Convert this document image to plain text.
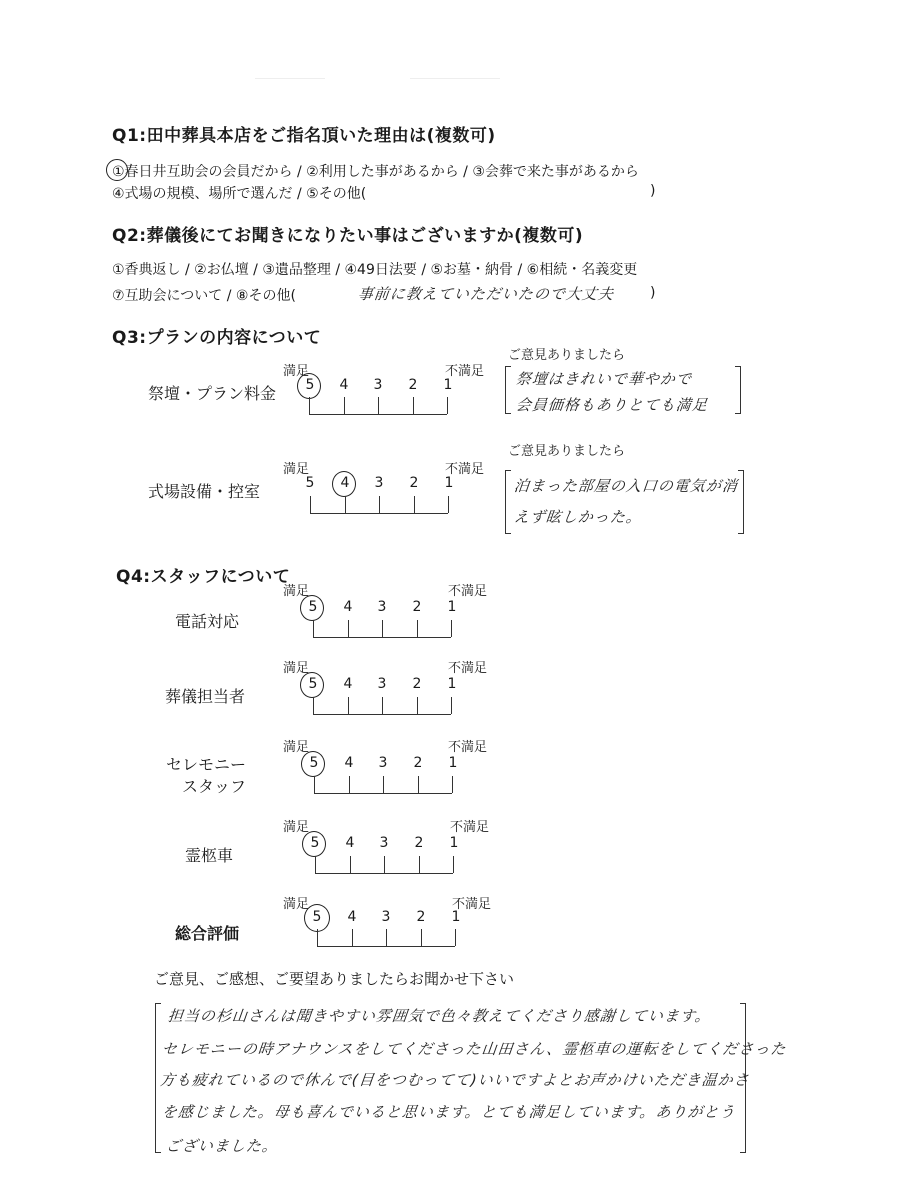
Q1:田中葬具本店をご指名頂いた理由は(複数可)
①春日井互助会の会員だから / ②利用した事があるから / ③会葬で来た事があるから
④式場の規模、場所で選んだ / ⑤その他(	)
Q2:葬儀後にてお聞きになりたい事はございますか(複数可)
①香典返し / ②お仏壇 / ③遺品整理 / ④49日法要 / ⑤お墓・納骨 / ⑥相続・名義変更
⑦互助会について / ⑧その他(	事前に教えていただいたので大丈夫	)
Q3:プランの内容について
満足	不満足
ご意見ありましたら
祭壇・プラン料金	5	4	3	2	1	祭壇はきれいで華やかで
会員価格もありとても満足
満足	不満足
ご意見ありましたら
式場設備・控室	5	4	3	2	1	泊まった部屋の入口の電気が消
えず眩しかった。
Q4:スタッフについて
満足	不満足
電話対応
5	4	3	2	1
満足	不満足
葬儀担当者
5	4	3	2	1
満足	不満足
セレモニー
スタッフ
5	4	3	2	1
満足	不満足
霊柩車
5	4	3	2	1
満足	不満足
総合評価
5	4	3	2	1
ご意見、ご感想、ご要望ありましたらお聞かせ下さい
担当の杉山さんは聞きやすい雰囲気で色々教えてくださり感謝しています。
セレモニーの時アナウンスをしてくださった山田さん、霊柩車の運転をしてくださった
方も疲れているので休んで(目をつむってて)いいですよとお声かけいただき温かさ
を感じました。母も喜んでいると思います。とても満足しています。ありがとう
ございました。
